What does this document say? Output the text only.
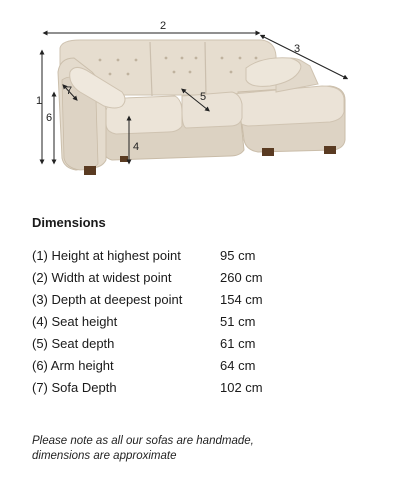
1
2
3
4
5
6
7
Dimensions
(1) Height at highest point	95 cm
(2) Width at widest point	260 cm
(3) Depth at deepest point	154 cm
(4) Seat height	51 cm
(5) Seat depth	61 cm
(6) Arm height	64 cm
(7) Sofa Depth	102 cm
Please note as all our sofas are handmade,
dimensions are approximate
